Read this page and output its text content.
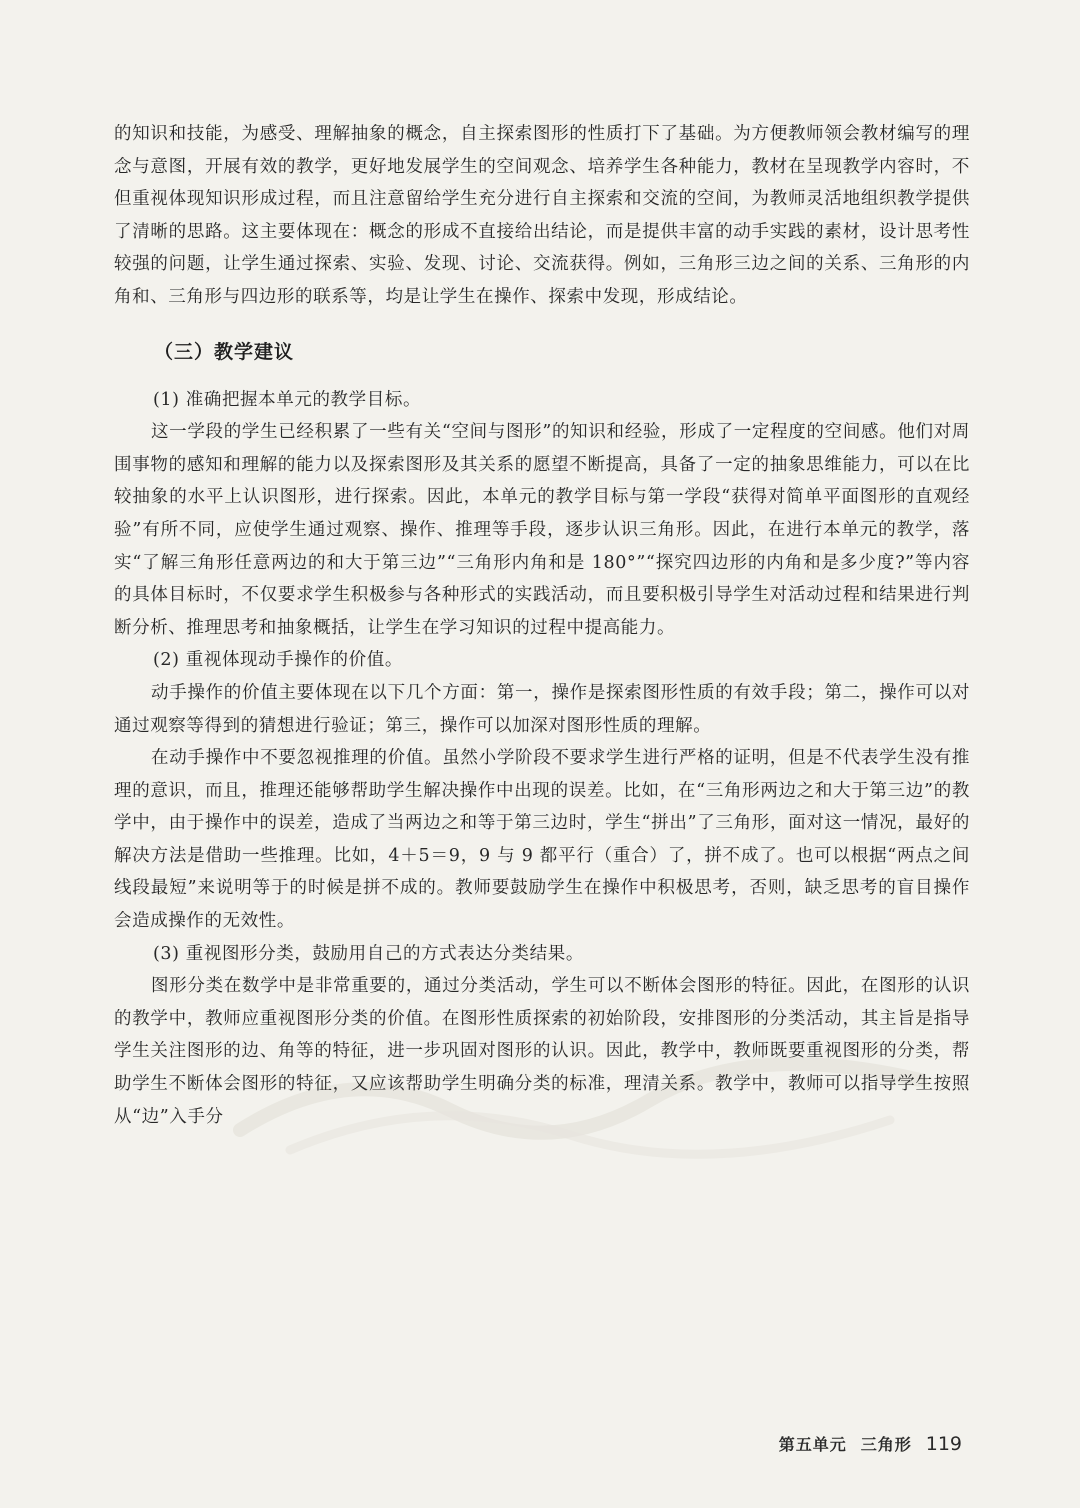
的知识和技能，为感受、理解抽象的概念，自主探索图形的性质打下了基础。为方便教师领会教材编写的理念与意图，开展有效的教学，更好地发展学生的空间观念、培养学生各种能力，教材在呈现教学内容时，不但重视体现知识形成过程，而且注意留给学生充分进行自主探索和交流的空间，为教师灵活地组织教学提供了清晰的思路。这主要体现在：概念的形成不直接给出结论，而是提供丰富的动手实践的素材，设计思考性较强的问题，让学生通过探索、实验、发现、讨论、交流获得。例如，三角形三边之间的关系、三角形的内角和、三角形与四边形的联系等，均是让学生在操作、探索中发现，形成结论。

（三）教学建议
(1) 准确把握本单元的教学目标。

这一学段的学生已经积累了一些有关“空间与图形”的知识和经验，形成了一定程度的空间感。他们对周围事物的感知和理解的能力以及探索图形及其关系的愿望不断提高，具备了一定的抽象思维能力，可以在比较抽象的水平上认识图形，进行探索。因此，本单元的教学目标与第一学段“获得对简单平面图形的直观经验”有所不同，应使学生通过观察、操作、推理等手段，逐步认识三角形。因此，在进行本单元的教学，落实“了解三角形任意两边的和大于第三边”“三角形内角和是 180°”“探究四边形的内角和是多少度?”等内容的具体目标时，不仅要求学生积极参与各种形式的实践活动，而且要积极引导学生对活动过程和结果进行判断分析、推理思考和抽象概括，让学生在学习知识的过程中提高能力。

(2) 重视体现动手操作的价值。

动手操作的价值主要体现在以下几个方面：第一，操作是探索图形性质的有效手段；第二，操作可以对通过观察等得到的猜想进行验证；第三，操作可以加深对图形性质的理解。

在动手操作中不要忽视推理的价值。虽然小学阶段不要求学生进行严格的证明，但是不代表学生没有推理的意识，而且，推理还能够帮助学生解决操作中出现的误差。比如，在“三角形两边之和大于第三边”的教学中，由于操作中的误差，造成了当两边之和等于第三边时，学生“拼出”了三角形，面对这一情况，最好的解决方法是借助一些推理。比如，4＋5＝9，9 与 9 都平行（重合）了，拼不成了。也可以根据“两点之间线段最短”来说明等于的时候是拼不成的。教师要鼓励学生在操作中积极思考，否则，缺乏思考的盲目操作会造成操作的无效性。

(3) 重视图形分类，鼓励用自己的方式表达分类结果。

图形分类在数学中是非常重要的，通过分类活动，学生可以不断体会图形的特征。因此，在图形的认识的教学中，教师应重视图形分类的价值。在图形性质探索的初始阶段，安排图形的分类活动，其主旨是指导学生关注图形的边、角等的特征，进一步巩固对图形的认识。因此，教学中，教师既要重视图形的分类，帮助学生不断体会图形的特征，又应该帮助学生明确分类的标准，理清关系。教学中，教师可以指导学生按照从“边”入手分

第五单元 三角形 119
